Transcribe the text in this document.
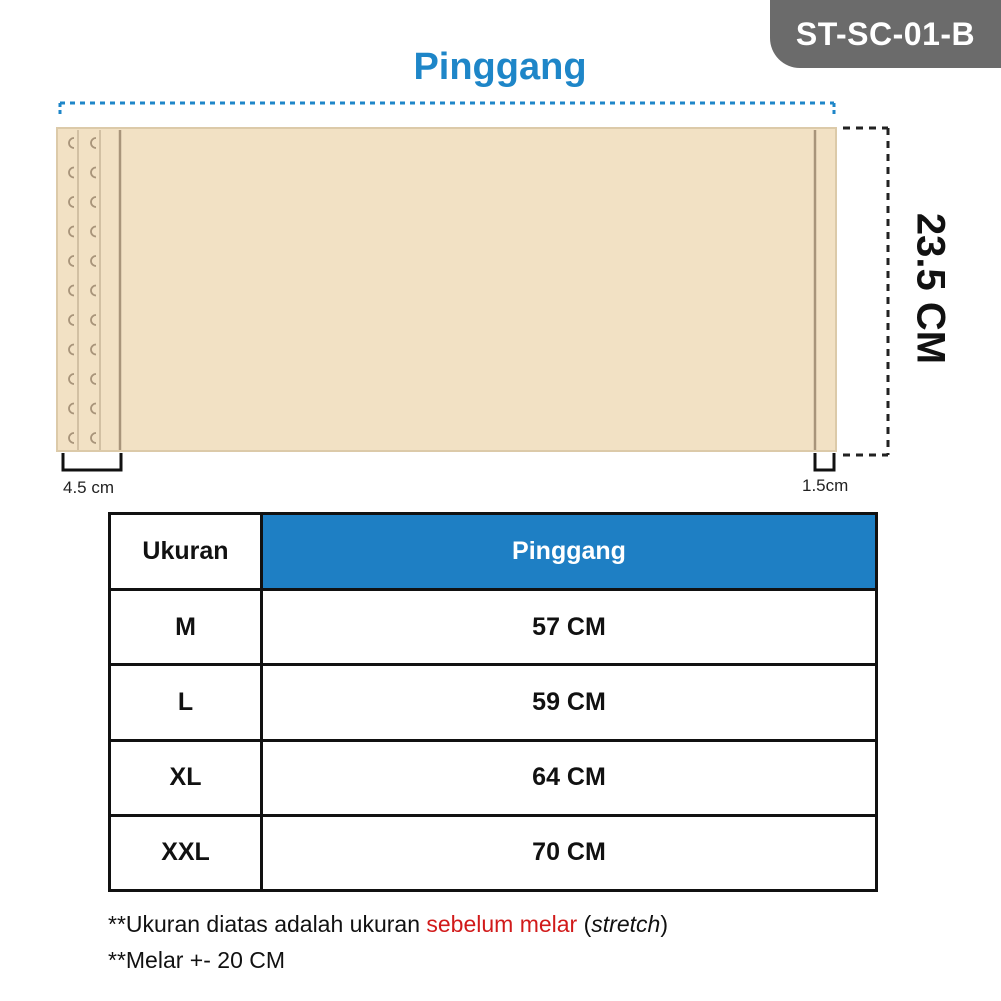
ST-SC-01-B
Pinggang
23.5 CM
4.5 cm	1.5cm
Ukuran	Pinggang
M	57 CM
L	59 CM
XL	64 CM
XXL	70 CM
**Ukuran diatas adalah ukuran sebelum melar (stretch)
**Melar +- 20 CM
